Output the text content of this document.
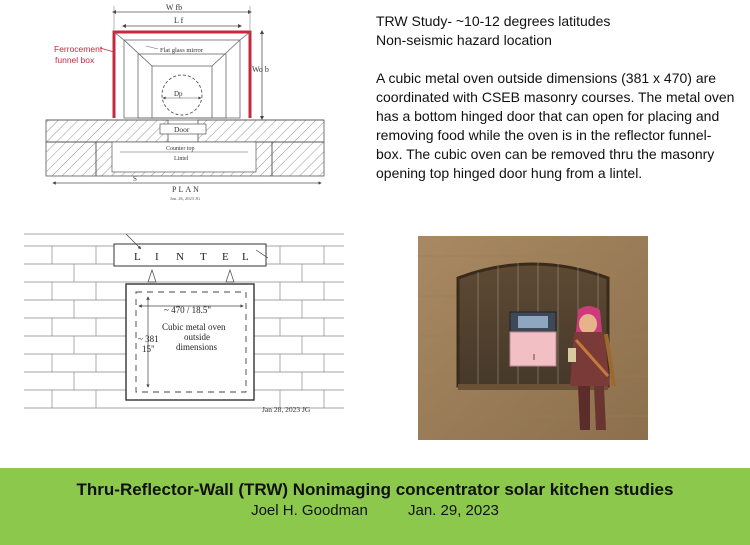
W fb
L f
Wo b
Flat glass mirror
Dp
Ferrocement
funnel box
Door
Counter top
Lintel
S
PLAN
Jan. 26, 2023 JG
L I N T E L
~ 470 / 18.5"
Cubic metal oven
outside
dimensions
~ 381
15"
Jan 28, 2023 JG

TRW Study- ~10-12 degrees latitudes

Non-seismic hazard location

A cubic metal oven outside dimensions (381 x 470) are coordinated with CSEB masonry courses. The metal oven has a bottom hinged door that can open for placing and removing food while the oven is in the reflector funnel-box. The cubic oven can be removed thru the masonry opening top hinged door hung from a lintel.

Thru-Reflector-Wall (TRW) Nonimaging concentrator solar kitchen studies
Joel H. Goodman	Jan. 29, 2023
